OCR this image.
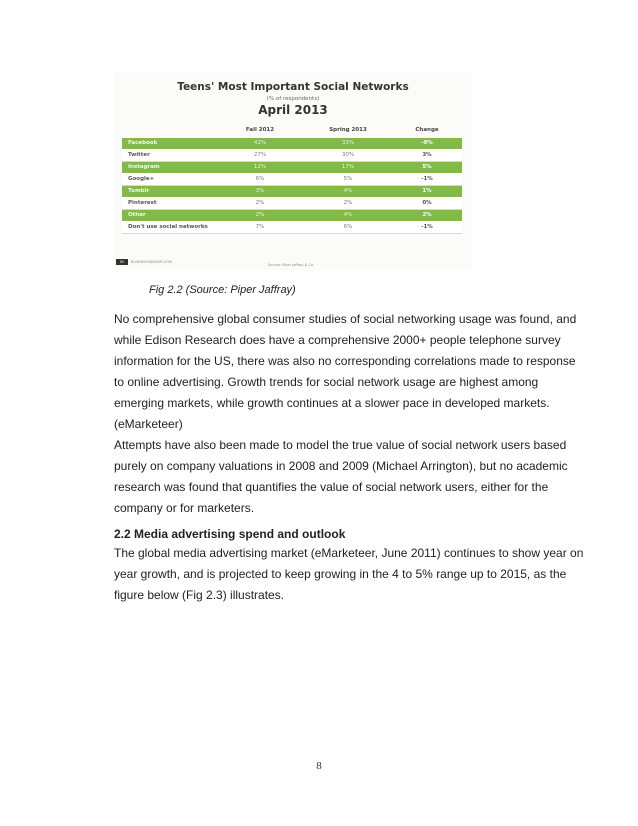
Teens' Most Important Social Networks
(% of respondents)
April 2013
Fall 2012	Spring 2013	Change
Facebook	42%	33%	-9%
Twitter	27%	30%	3%
Instagram	12%	17%	5%
Google+	6%	5%	-1%
Tumblr	3%	4%	1%
Pinterest	2%	2%	0%
Other	2%	4%	2%
Don't use social networks	7%	6%	-1%
BI	BUSINESSINSIDER.COM
Source: Piper Jaffray & Co.
Fig 2.2 (Source: Piper Jaffray)
No comprehensive global consumer studies of social networking usage was found, and
while Edison Research does have a comprehensive 2000+ people telephone survey
information for the US, there was also no corresponding correlations made to response
to online advertising. Growth trends for social network usage are highest among
emerging markets, while growth continues at a slower pace in developed markets.
(eMarketeer)
Attempts have also been made to model the true value of social network users based
purely on company valuations in 2008 and 2009 (Michael Arrington), but no academic
research was found that quantifies the value of social network users, either for the
company or for marketers.
2.2 Media advertising spend and outlook
The global media advertising market (eMarketeer, June 2011) continues to show year on
year growth, and is projected to keep growing in the 4 to 5% range up to 2015, as the
figure below (Fig 2.3) illustrates.
8
